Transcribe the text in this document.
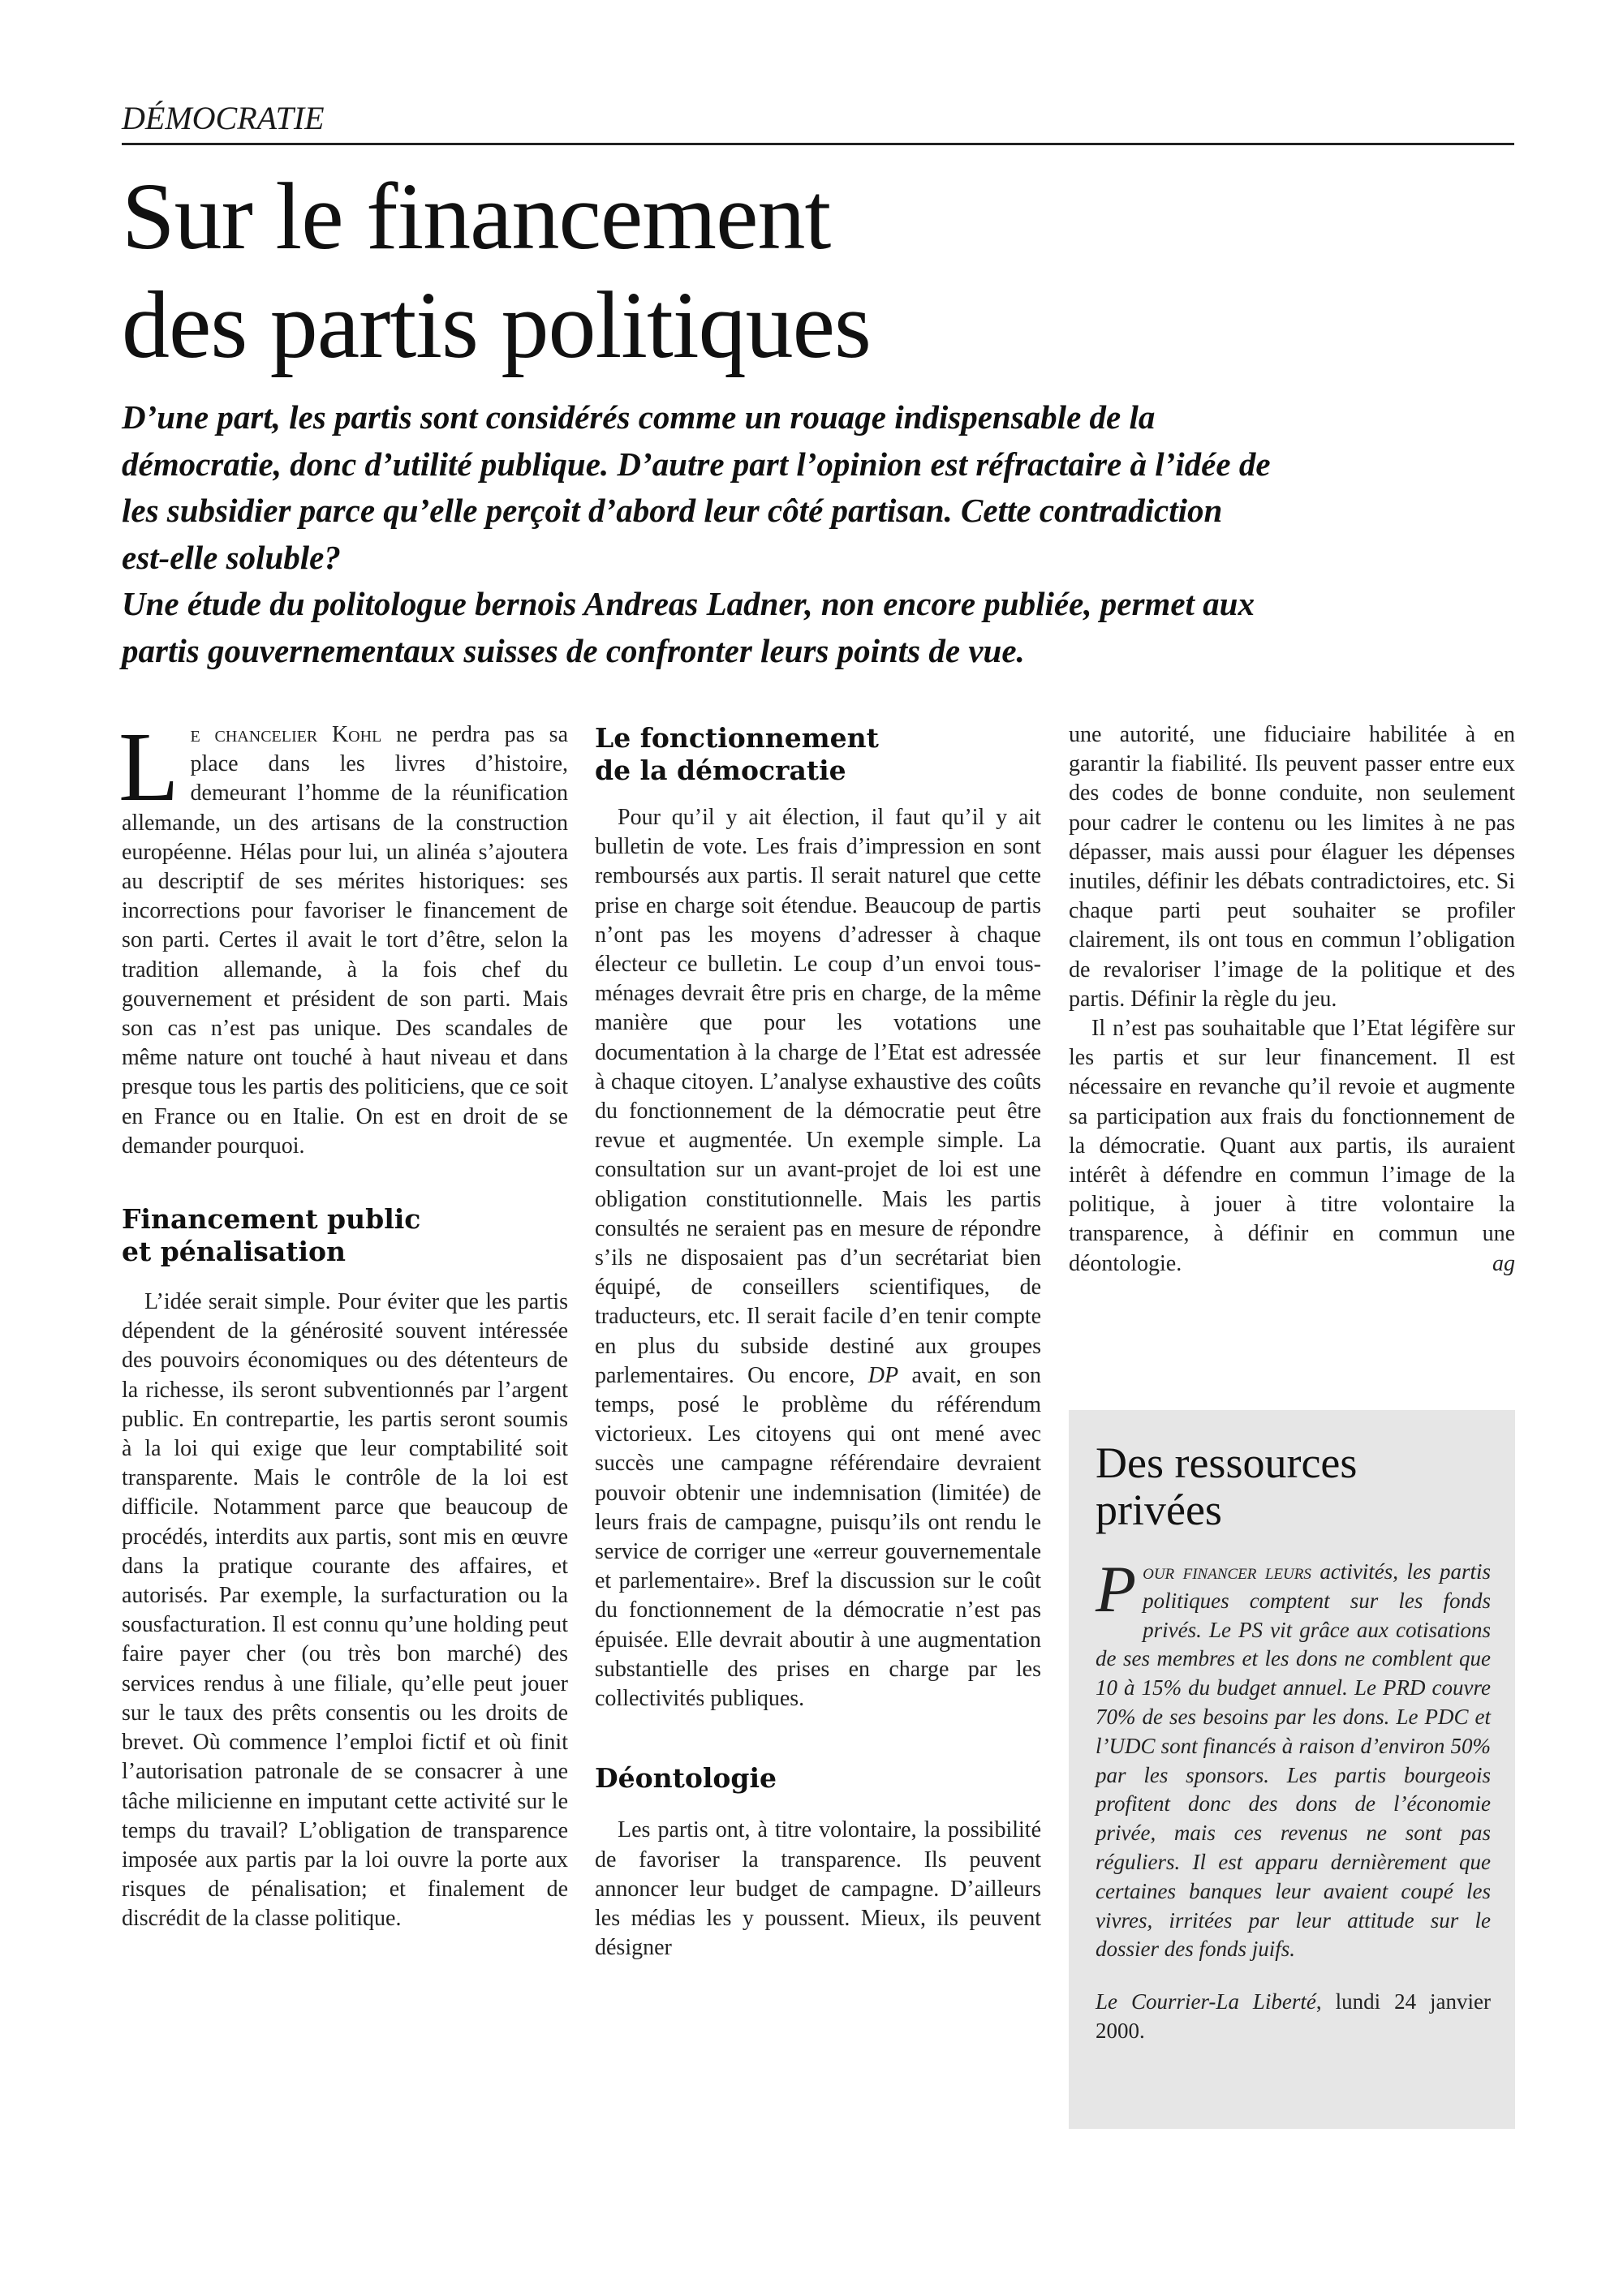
DÉMOCRATIE
Sur le financement
des partis politiques

D’une part, les partis sont considérés comme un rouage indispensable de la démocratie, donc d’utilité publique. D’autre part l’opinion est réfractaire à l’idée de les subsidier parce qu’elle perçoit d’abord leur côté partisan. Cette contradiction est-elle soluble?

Une étude du politologue bernois Andreas Ladner, non encore publiée, permet aux partis gouvernementaux suisses de confronter leurs points de vue.

Le chancelier Kohl ne perdra pas sa place dans les livres d’histoire, demeurant l’homme de la réunification allemande, un des artisans de la construction européenne. Hélas pour lui, un alinéa s’ajoutera au descriptif de ses mérites historiques: ses incorrections pour favoriser le financement de son parti. Certes il avait le tort d’être, selon la tradition allemande, à la fois chef du gouvernement et président de son parti. Mais son cas n’est pas unique. Des scandales de même nature ont touché à haut niveau et dans presque tous les partis des politiciens, que ce soit en France ou en Italie. On est en droit de se demander pourquoi.

Financement public
et pénalisation

L’idée serait simple. Pour éviter que les partis dépendent de la générosité souvent intéressée des pouvoirs économiques ou des détenteurs de la richesse, ils seront subventionnés par l’argent public. En contrepartie, les partis seront soumis à la loi qui exige que leur comptabilité soit transparente. Mais le contrôle de la loi est difficile. Notamment parce que beaucoup de procédés, interdits aux partis, sont mis en œuvre dans la pratique courante des affaires, et autorisés. Par exemple, la surfacturation ou la sousfacturation. Il est connu qu’une holding peut faire payer cher (ou très bon marché) des services rendus à une filiale, qu’elle peut jouer sur le taux des prêts consentis ou les droits de brevet. Où commence l’emploi fictif et où finit l’autorisation patronale de se consacrer à une tâche milicienne en imputant cette activité sur le temps du travail? L’obligation de transparence imposée aux partis par la loi ouvre la porte aux risques de pénalisation; et finalement de discrédit de la classe politique.

Le fonctionnement
de la démocratie

Pour qu’il y ait élection, il faut qu’il y ait bulletin de vote. Les frais d’impression en sont remboursés aux partis. Il serait naturel que cette prise en charge soit étendue. Beaucoup de partis n’ont pas les moyens d’adresser à chaque électeur ce bulletin. Le coup d’un envoi tous-ménages devrait être pris en charge, de la même manière que pour les votations une documentation à la charge de l’Etat est adressée à chaque citoyen. L’analyse exhaustive des coûts du fonctionnement de la démocratie peut être revue et augmentée. Un exemple simple. La consultation sur un avant-projet de loi est une obligation constitutionnelle. Mais les partis consultés ne seraient pas en mesure de répondre s’ils ne disposaient pas d’un secrétariat bien équipé, de conseillers scientifiques, de traducteurs, etc. Il serait facile d’en tenir compte en plus du subside destiné aux groupes parlementaires. Ou encore, DP avait, en son temps, posé le problème du référendum victorieux. Les citoyens qui ont mené avec succès une campagne référendaire devraient pouvoir obtenir une indemnisation (limitée) de leurs frais de campagne, puisqu’ils ont rendu le service de corriger une «erreur gouvernementale et parlementaire». Bref la discussion sur le coût du fonctionnement de la démocratie n’est pas épuisée. Elle devrait aboutir à une augmentation substantielle des prises en charge par les collectivités publiques.

Déontologie

Les partis ont, à titre volontaire, la possibilité de favoriser la transparence. Ils peuvent annoncer leur budget de campagne. D’ailleurs les médias les y poussent. Mieux, ils peuvent désigner

une autorité, une fiduciaire habilitée à en garantir la fiabilité. Ils peuvent passer entre eux des codes de bonne conduite, non seulement pour cadrer le contenu ou les limites à ne pas dépasser, mais aussi pour élaguer les dépenses inutiles, définir les débats contradictoires, etc. Si chaque parti peut souhaiter se profiler clairement, ils ont tous en commun l’obligation de revaloriser l’image de la politique et des partis. Définir la règle du jeu.

Il n’est pas souhaitable que l’Etat légifère sur les partis et sur leur financement. Il est nécessaire en revanche qu’il revoie et augmente sa participation aux frais du fonctionnement de la démocratie. Quant aux partis, ils auraient intérêt à défendre en commun l’image de la politique, à jouer à titre volontaire la transparence, à définir en commun une déontologie.	ag

Des ressources
privées

Pour financer leurs activités, les partis politiques comptent sur les fonds privés. Le PS vit grâce aux cotisations de ses membres et les dons ne comblent que 10 à 15% du budget annuel. Le PRD couvre 70% de ses besoins par les dons. Le PDC et l’UDC sont financés à raison d’environ 50% par les sponsors. Les partis bourgeois profitent donc des dons de l’économie privée, mais ces revenus ne sont pas réguliers. Il est apparu dernièrement que certaines banques leur avaient coupé les vivres, irritées par leur attitude sur le dossier des fonds juifs.

Le Courrier-La Liberté, lundi 24 janvier 2000.
